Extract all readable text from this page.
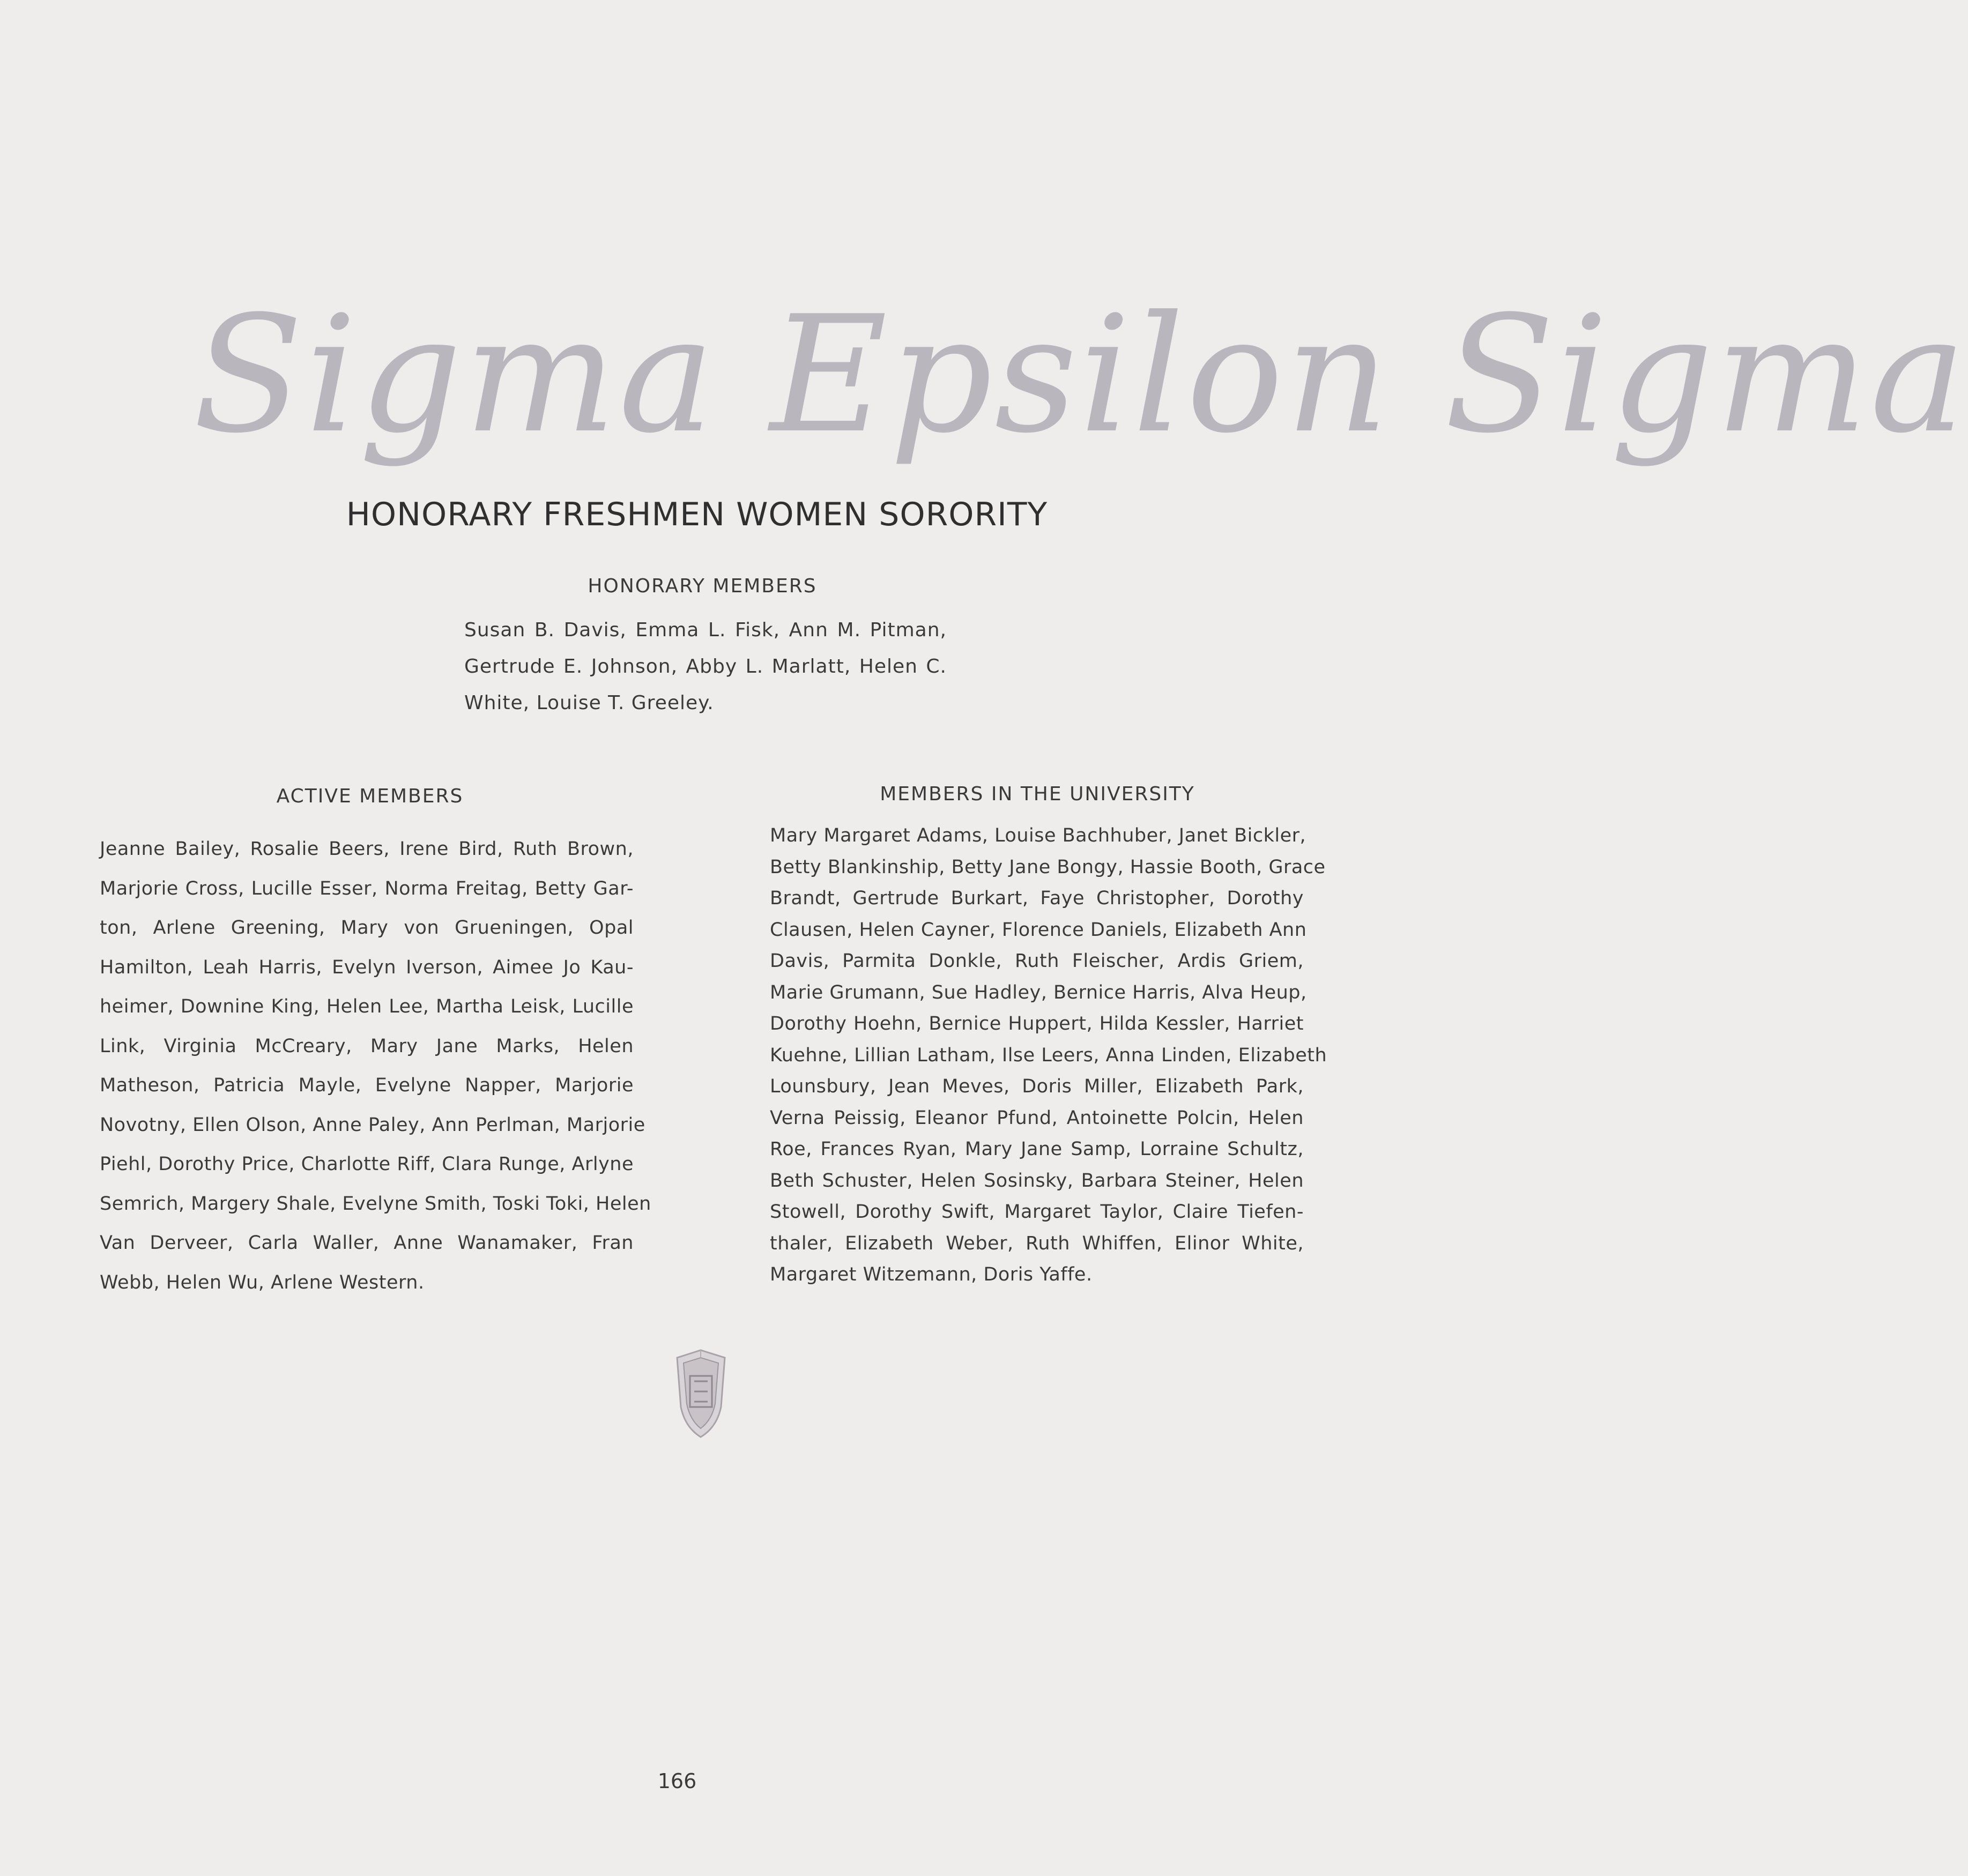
Sigma Epsilon Sigma
HONORARY FRESHMEN WOMEN SORORITY
HONORARY MEMBERS
Susan B. Davis, Emma L. Fisk, Ann M. Pitman,
Gertrude E. Johnson, Abby L. Marlatt, Helen C.
White, Louise T. Greeley.
ACTIVE MEMBERS
Jeanne Bailey, Rosalie Beers, Irene Bird, Ruth Brown,
Marjorie Cross, Lucille Esser, Norma Freitag, Betty Gar-
ton, Arlene Greening, Mary von Grueningen, Opal
Hamilton, Leah Harris, Evelyn Iverson, Aimee Jo Kau-
heimer, Downine King, Helen Lee, Martha Leisk, Lucille
Link, Virginia McCreary, Mary Jane Marks, Helen
Matheson, Patricia Mayle, Evelyne Napper, Marjorie
Novotny, Ellen Olson, Anne Paley, Ann Perlman, Marjorie
Piehl, Dorothy Price, Charlotte Riff, Clara Runge, Arlyne
Semrich, Margery Shale, Evelyne Smith, Toski Toki, Helen
Van Derveer, Carla Waller, Anne Wanamaker, Fran
Webb, Helen Wu, Arlene Western.
MEMBERS IN THE UNIVERSITY
Mary Margaret Adams, Louise Bachhuber, Janet Bickler,
Betty Blankinship, Betty Jane Bongy, Hassie Booth, Grace
Brandt, Gertrude Burkart, Faye Christopher, Dorothy
Clausen, Helen Cayner, Florence Daniels, Elizabeth Ann
Davis, Parmita Donkle, Ruth Fleischer, Ardis Griem,
Marie Grumann, Sue Hadley, Bernice Harris, Alva Heup,
Dorothy Hoehn, Bernice Huppert, Hilda Kessler, Harriet
Kuehne, Lillian Latham, Ilse Leers, Anna Linden, Elizabeth
Lounsbury, Jean Meves, Doris Miller, Elizabeth Park,
Verna Peissig, Eleanor Pfund, Antoinette Polcin, Helen
Roe, Frances Ryan, Mary Jane Samp, Lorraine Schultz,
Beth Schuster, Helen Sosinsky, Barbara Steiner, Helen
Stowell, Dorothy Swift, Margaret Taylor, Claire Tiefen-
thaler, Elizabeth Weber, Ruth Whiffen, Elinor White,
Margaret Witzemann, Doris Yaffe.
166
